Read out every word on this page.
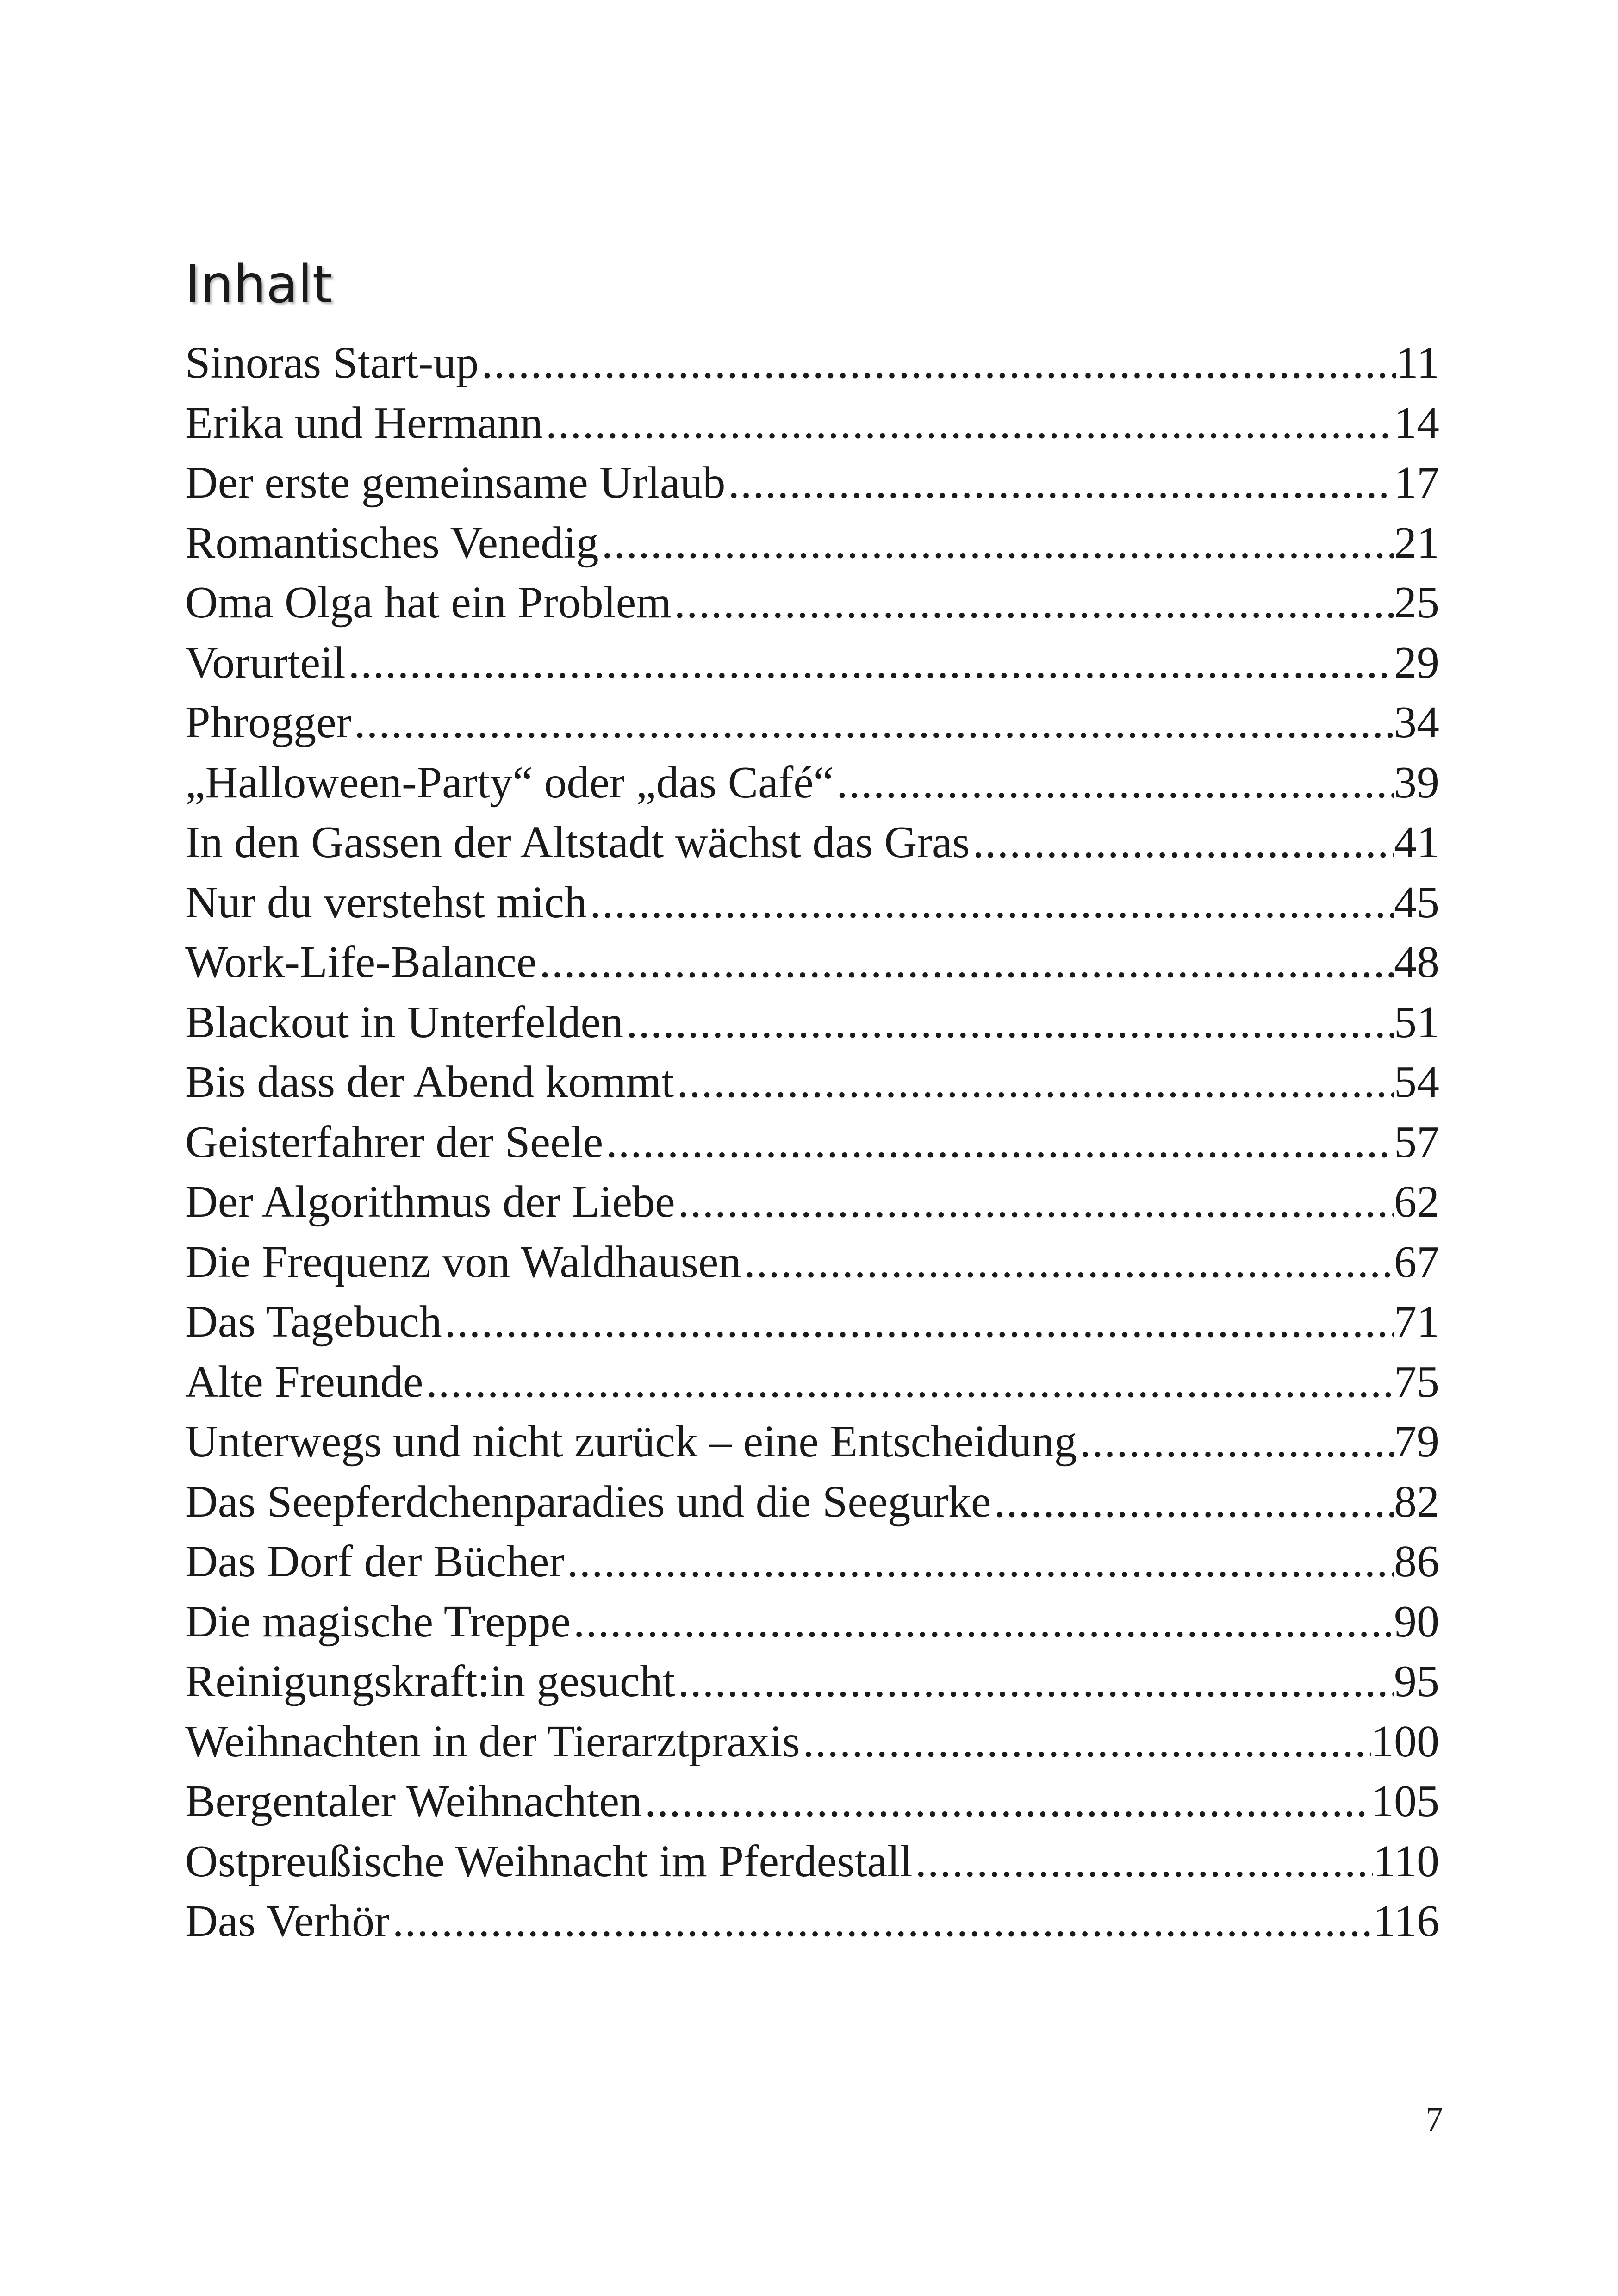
Inhalt
Sinoras Start-up .....	11
Erika und Hermann .....	14
Der erste gemeinsame Urlaub .....	17
Romantisches Venedig .....	21
Oma Olga hat ein Problem .....	25
Vorurteil .....	29
Phrogger .....	34
„Halloween-Party“ oder „das Café“ .....	39
In den Gassen der Altstadt wächst das Gras .....	41
Nur du verstehst mich .....	45
Work-Life-Balance .....	48
Blackout in Unterfelden .....	51
Bis dass der Abend kommt .....	54
Geisterfahrer der Seele .....	57
Der Algorithmus der Liebe .....	62
Die Frequenz von Waldhausen .....	67
Das Tagebuch .....	71
Alte Freunde .....	75
Unterwegs und nicht zurück – eine Entscheidung .....	79
Das Seepferdchenparadies und die Seegurke .....	82
Das Dorf der Bücher .....	86
Die magische Treppe .....	90
Reinigungskraft:in gesucht .....	95
Weihnachten in der Tierarztpraxis .....	100
Bergentaler Weihnachten .....	105
Ostpreußische Weihnacht im Pferdestall .....	110
Das Verhör .....	116
7
